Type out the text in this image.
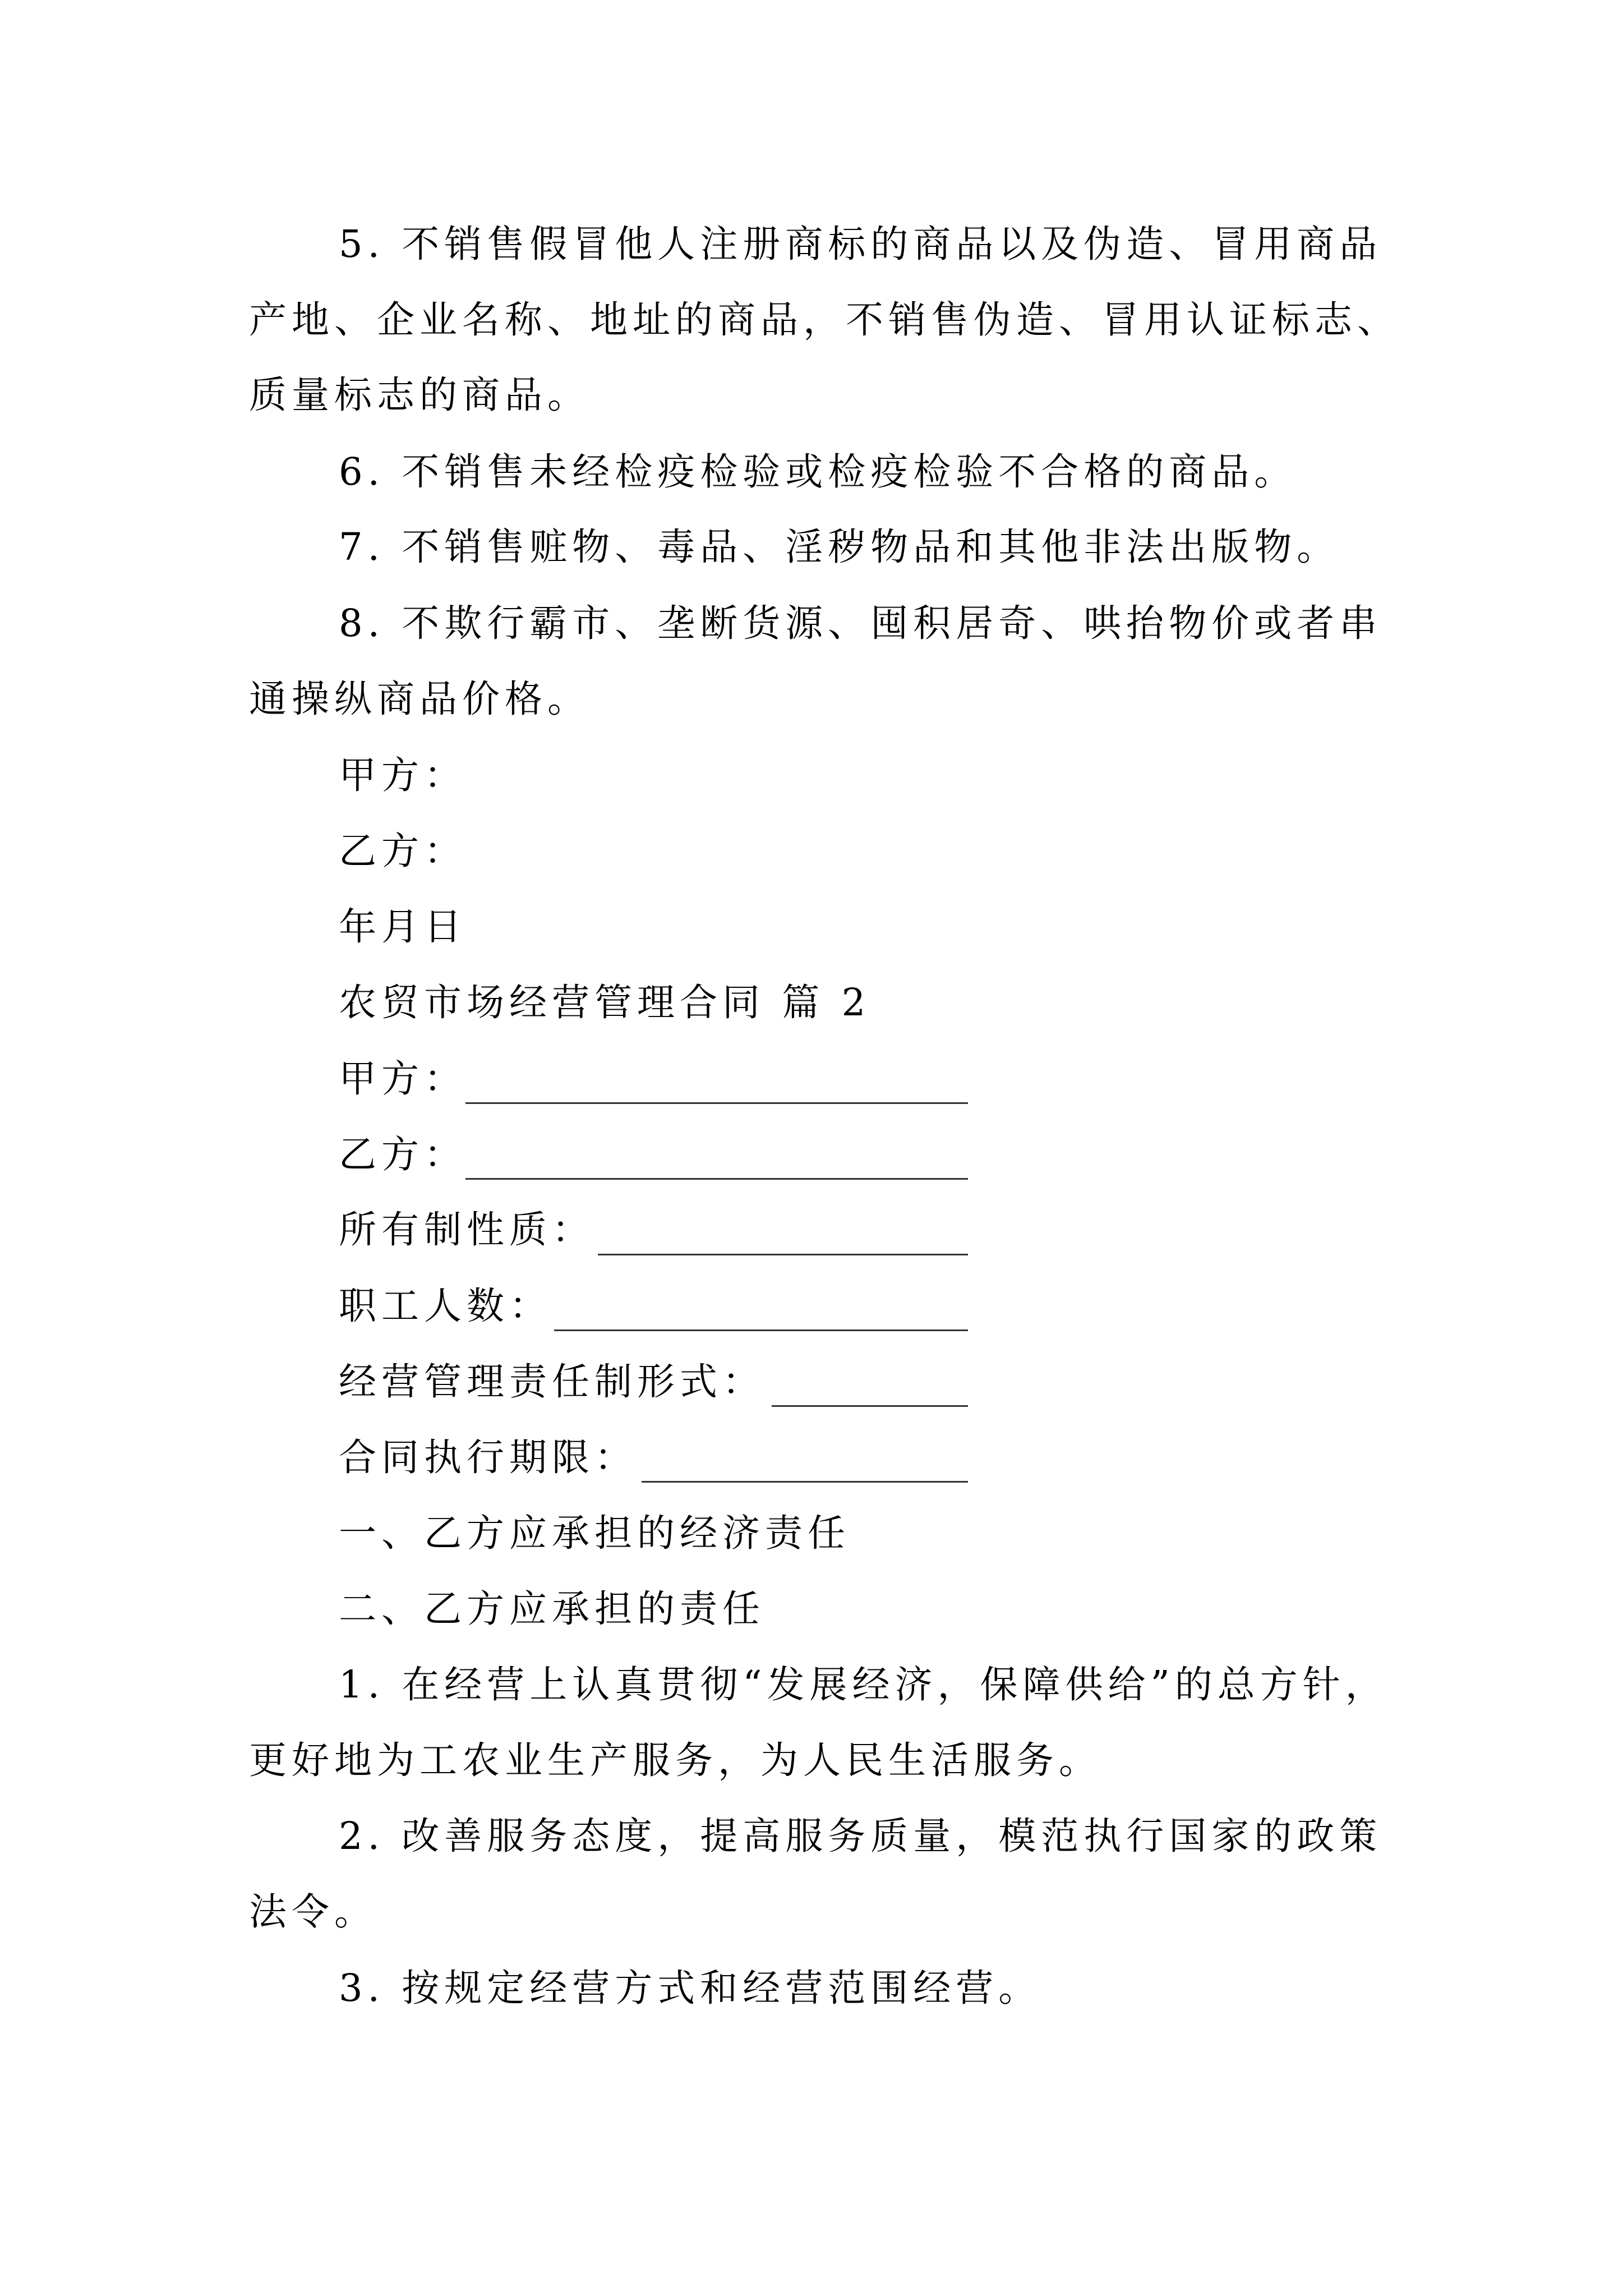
5. 不销售假冒他人注册商标的商品以及伪造、冒用商品
产地、企业名称、地址的商品，不销售伪造、冒用认证标志、
质量标志的商品。
6. 不销售未经检疫检验或检疫检验不合格的商品。
7. 不销售赃物、毒品、淫秽物品和其他非法出版物。
8. 不欺行霸市、垄断货源、囤积居奇、哄抬物价或者串
通操纵商品价格。
甲方：
乙方：
年月日
农贸市场经营管理合同 篇 2
甲方：
乙方：
所有制性质：
职工人数：
经营管理责任制形式：
合同执行期限：
一、乙方应承担的经济责任
二、乙方应承担的责任
1. 在经营上认真贯彻“发展经济，保障供给”的总方针，
更好地为工农业生产服务，为人民生活服务。
2. 改善服务态度，提高服务质量，模范执行国家的政策
法令。
3. 按规定经营方式和经营范围经营。
